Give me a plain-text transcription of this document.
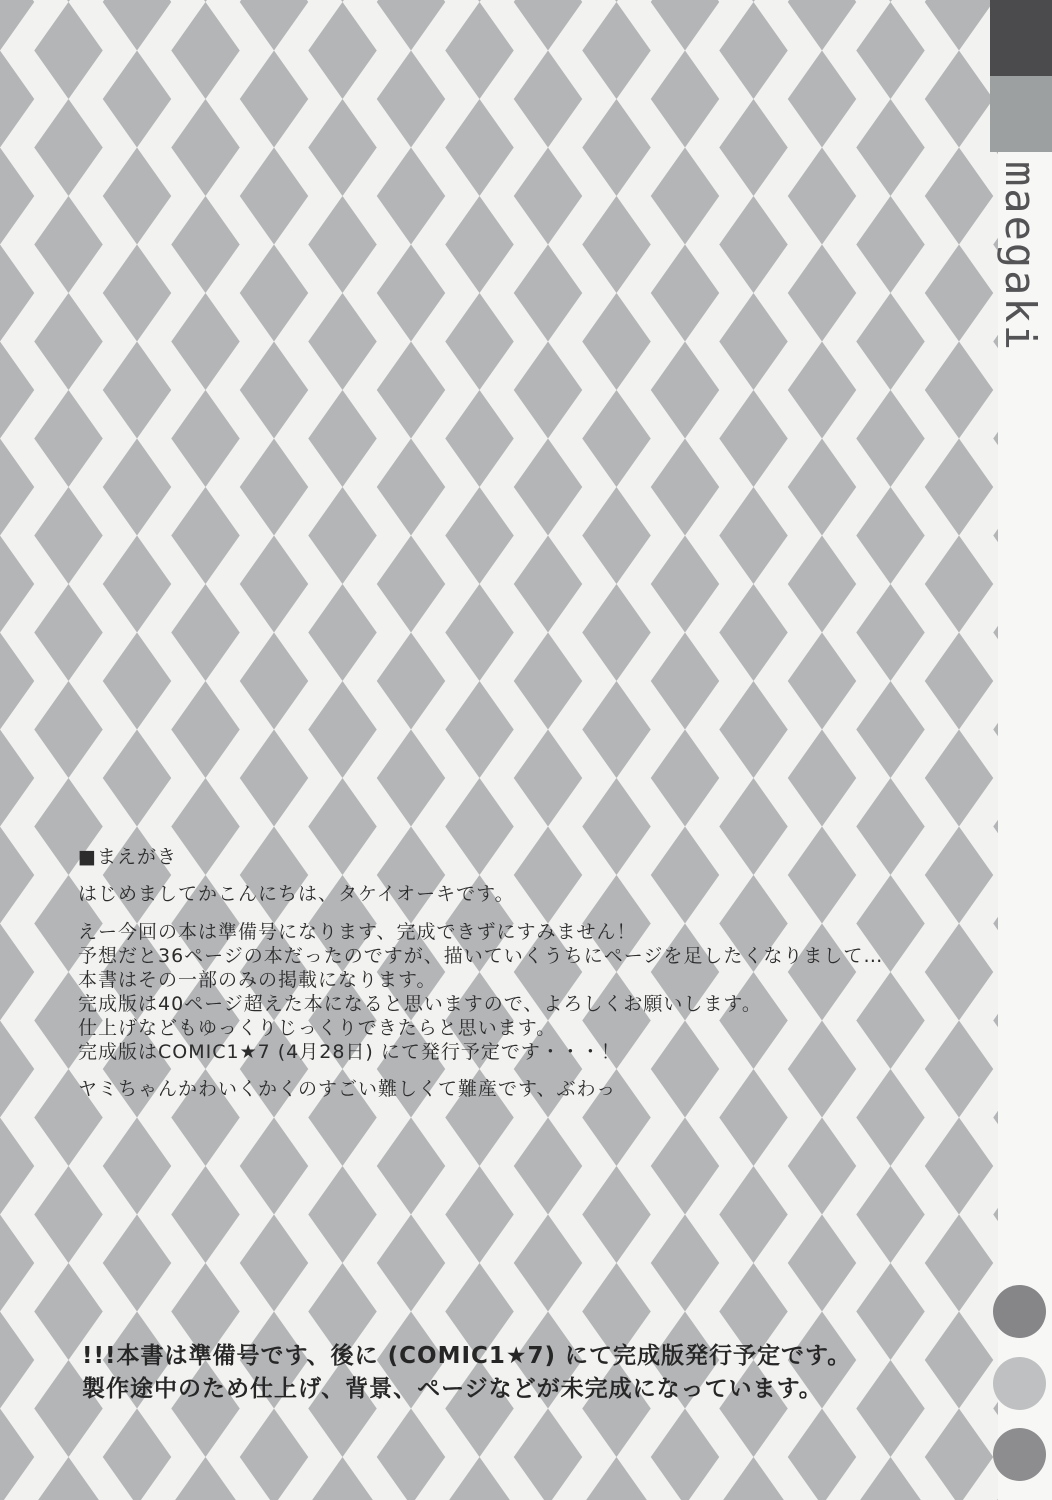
maegaki
■まえがき
はじめましてかこんにちは、タケイオーキです。
えー今回の本は準備号になります、完成できずにすみません！
予想だと36ページの本だったのですが、描いていくうちにページを足したくなりまして…
本書はその一部のみの掲載になります。
完成版は40ページ超えた本になると思いますので、よろしくお願いします。
仕上げなどもゆっくりじっくりできたらと思います。
完成版はCOMIC1★7 (4月28日) にて発行予定です・・・！
ヤミちゃんかわいくかくのすごい難しくて難産です、ぶわっ
!!!本書は準備号です、後に (COMIC1★7) にて完成版発行予定です。
製作途中のため仕上げ、背景、ページなどが未完成になっています。
